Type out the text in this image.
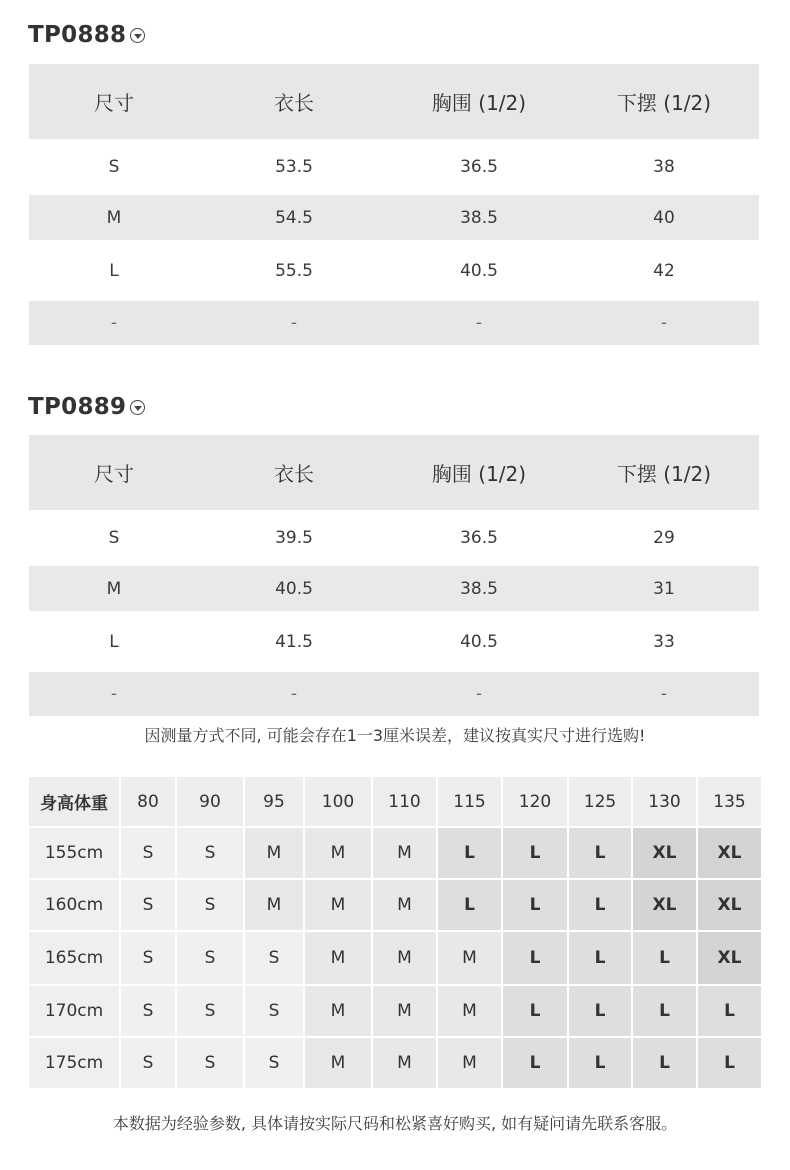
TP0888
尺寸	衣长	胸围 (1/2)	下摆 (1/2)
S	53.5	36.5	38
M	54.5	38.5	40
L	55.5	40.5	42
-	-	-	-
TP0889
尺寸	衣长	胸围 (1/2)	下摆 (1/2)
S	39.5	36.5	29
M	40.5	38.5	31
L	41.5	40.5	33
-	-	-	-
因测量方式不同, 可能会存在1一3厘米误差，建议按真实尺寸进行选购!
身高体重	80	90	95	100	110	115	120	125	130	135
155cm	S	S	M	M	M	L	L	L	XL	XL
160cm	S	S	M	M	M	L	L	L	XL	XL
165cm	S	S	S	M	M	M	L	L	L	XL
170cm	S	S	S	M	M	M	L	L	L	L
175cm	S	S	S	M	M	M	L	L	L	L
本数据为经验参数, 具体请按实际尺码和松紧喜好购买, 如有疑问请先联系客服。
